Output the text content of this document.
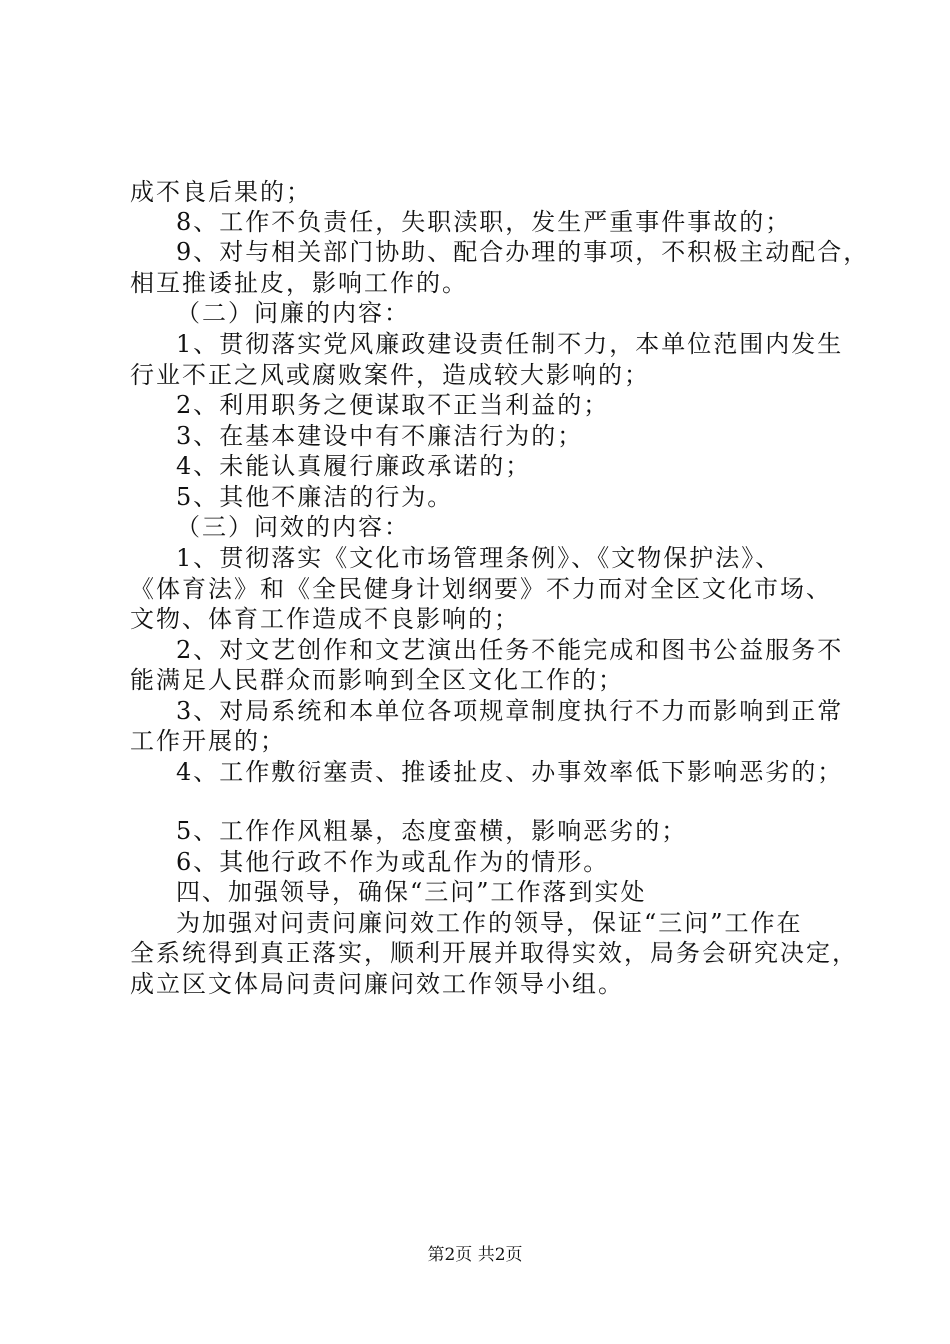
成不良后果的；
8、工作不负责任，失职渎职，发生严重事件事故的；
9、对与相关部门协助、配合办理的事项，不积极主动配合，
相互推诿扯皮，影响工作的。
（二）问廉的内容：
1、贯彻落实党风廉政建设责任制不力，本单位范围内发生
行业不正之风或腐败案件，造成较大影响的；
2、利用职务之便谋取不正当利益的；
3、在基本建设中有不廉洁行为的；
4、未能认真履行廉政承诺的；
5、其他不廉洁的行为。
（三）问效的内容：
1、贯彻落实《文化市场管理条例》、《文物保护法》、
《体育法》和《全民健身计划纲要》不力而对全区文化市场、
文物、体育工作造成不良影响的；
2、对文艺创作和文艺演出任务不能完成和图书公益服务不
能满足人民群众而影响到全区文化工作的；
3、对局系统和本单位各项规章制度执行不力而影响到正常
工作开展的；
4、工作敷衍塞责、推诿扯皮、办事效率低下影响恶劣的；
5、工作作风粗暴，态度蛮横，影响恶劣的；
6、其他行政不作为或乱作为的情形。
四、加强领导，确保“三问”工作落到实处
为加强对问责问廉问效工作的领导，保证“三问”工作在
全系统得到真正落实，顺利开展并取得实效，局务会研究决定，
成立区文体局问责问廉问效工作领导小组。
第2页 共2页
